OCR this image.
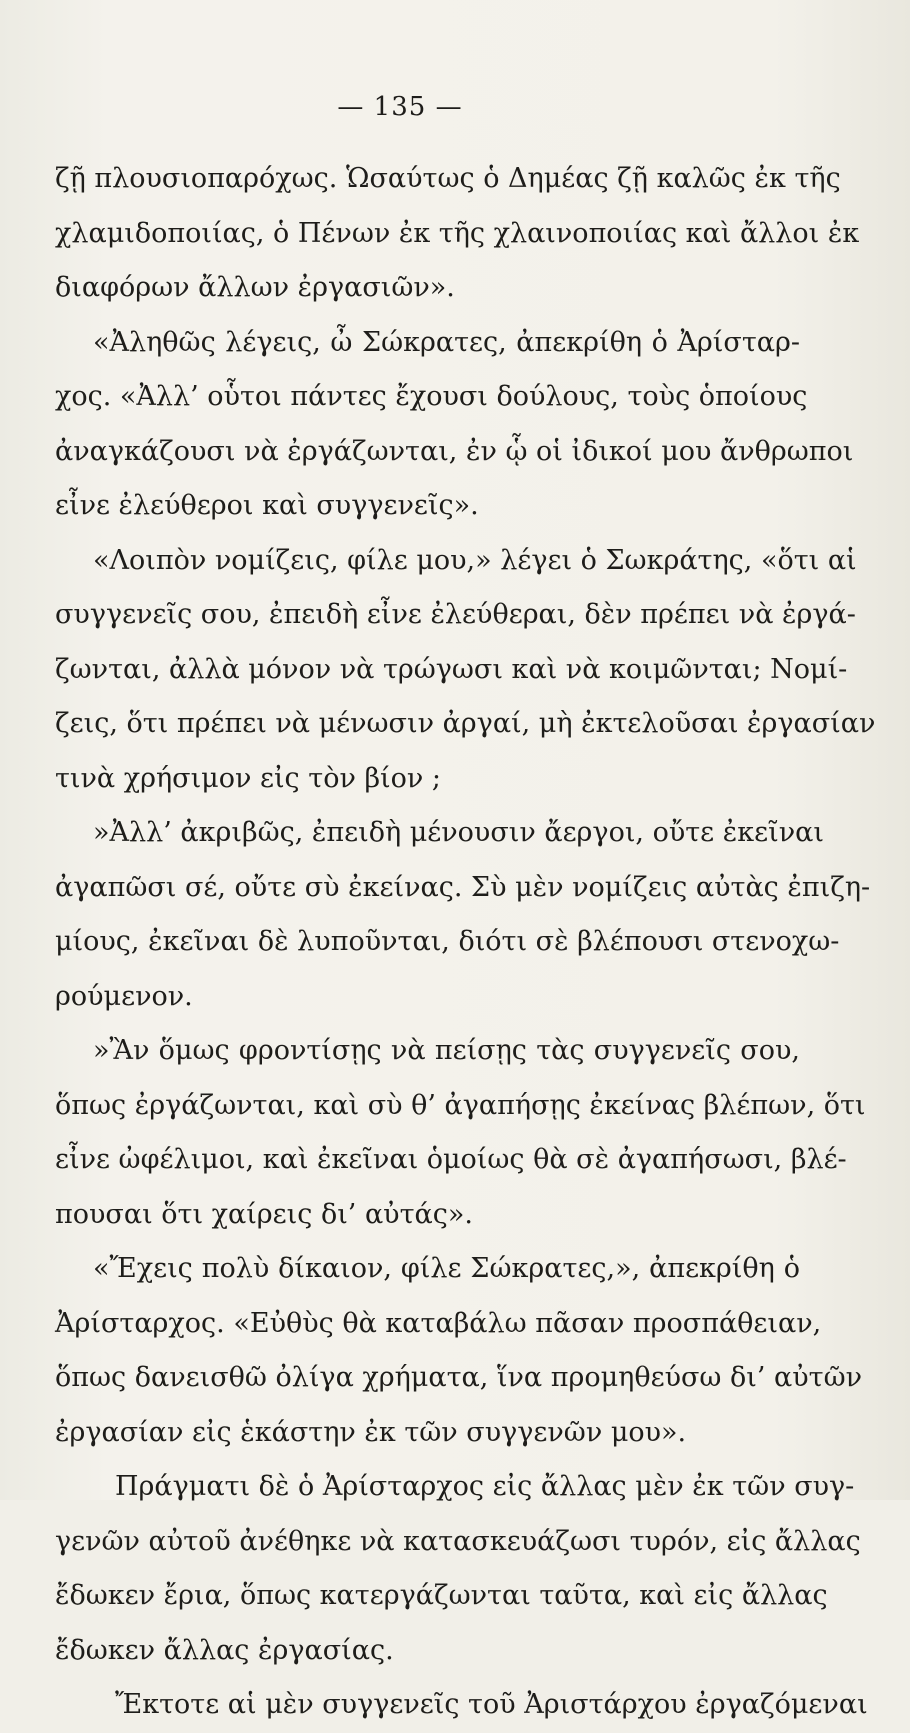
— 135 —
ζῇ πλουσιοπαρόχως. Ὡσαύτως ὁ Δημέας ζῇ καλῶς ἐκ τῆς
χλαμιδοποιίας, ὁ Πένων ἐκ τῆς χλαινοποιίας καὶ ἄλλοι ἐκ
διαφόρων ἄλλων ἐργασιῶν».
«Ἀληθῶς λέγεις, ὦ Σώκρατες, ἀπεκρίθη ὁ Ἀρίσταρ-
χος. «Ἀλλ’ οὗτοι πάντες ἔχουσι δούλους, τοὺς ὁποίους
ἀναγκάζουσι νὰ ἐργάζωνται, ἐν ᾧ οἱ ἰδικοί μου ἄνθρωποι
εἶνε ἐλεύθεροι καὶ συγγενεῖς».
«Λοιπὸν νομίζεις, φίλε μου,» λέγει ὁ Σωκράτης, «ὅτι αἱ
συγγενεῖς σου, ἐπειδὴ εἶνε ἐλεύθεραι, δὲν πρέπει νὰ ἐργά-
ζωνται, ἀλλὰ μόνον νὰ τρώγωσι καὶ νὰ κοιμῶνται; Νομί-
ζεις, ὅτι πρέπει νὰ μένωσιν ἀργαί, μὴ ἐκτελοῦσαι ἐργασίαν
τινὰ χρήσιμον εἰς τὸν βίον ;
»Ἀλλ’ ἀκριβῶς, ἐπειδὴ μένουσιν ἄεργοι, οὔτε ἐκεῖναι
ἀγαπῶσι σέ, οὔτε σὺ ἐκείνας. Σὺ μὲν νομίζεις αὐτὰς ἐπιζη-
μίους, ἐκεῖναι δὲ λυποῦνται, διότι σὲ βλέπουσι στενοχω-
ρούμενον.
»Ἂν ὅμως φροντίσῃς νὰ πείσῃς τὰς συγγενεῖς σου,
ὅπως ἐργάζωνται, καὶ σὺ θ’ ἀγαπήσῃς ἐκείνας βλέπων, ὅτι
εἶνε ὠφέλιμοι, καὶ ἐκεῖναι ὁμοίως θὰ σὲ ἀγαπήσωσι, βλέ-
πουσαι ὅτι χαίρεις δι’ αὐτάς».
«Ἔχεις πολὺ δίκαιον, φίλε Σώκρατες,», ἀπεκρίθη ὁ
Ἀρίσταρχος. «Εὐθὺς θὰ καταβάλω πᾶσαν προσπάθειαν,
ὅπως δανεισθῶ ὀλίγα χρήματα, ἵνα προμηθεύσω δι’ αὐτῶν
ἐργασίαν εἰς ἑκάστην ἐκ τῶν συγγενῶν μου».
Πράγματι δὲ ὁ Ἀρίσταρχος εἰς ἄλλας μὲν ἐκ τῶν συγ-
γενῶν αὐτοῦ ἀνέθηκε νὰ κατασκευάζωσι τυρόν, εἰς ἄλλας
ἔδωκεν ἔρια, ὅπως κατεργάζωνται ταῦτα, καὶ εἰς ἄλλας
ἔδωκεν ἄλλας ἐργασίας.
Ἔκτοτε αἱ μὲν συγγενεῖς τοῦ Ἀριστάρχου ἐργαζόμεναι
